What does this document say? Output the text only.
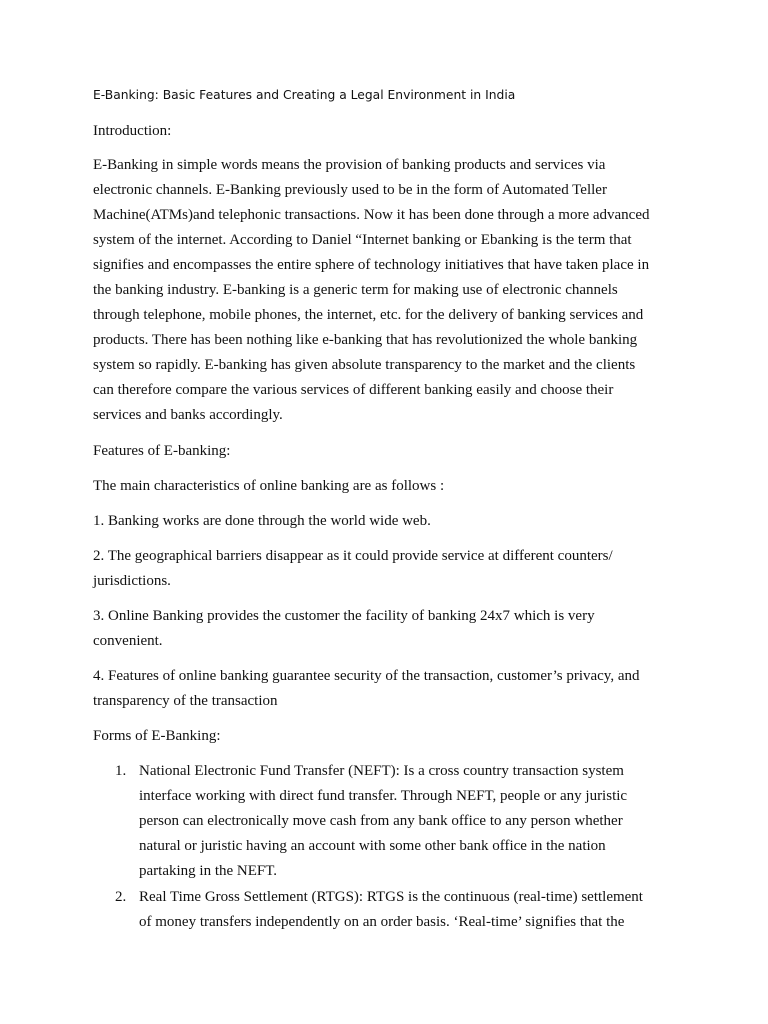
E-Banking: Basic Features and Creating a Legal Environment in India
Introduction:
E-Banking in simple words means the provision of banking products and services via
electronic channels. E-Banking previously used to be in the form of Automated Teller
Machine(ATMs)and telephonic transactions. Now it has been done through a more advanced
system of the internet. According to Daniel “Internet banking or Ebanking is the term that
signifies and encompasses the entire sphere of technology initiatives that have taken place in
the banking industry. E-banking is a generic term for making use of electronic channels
through telephone, mobile phones, the internet, etc. for the delivery of banking services and
products. There has been nothing like e-banking that has revolutionized the whole banking
system so rapidly. E-banking has given absolute transparency to the market and the clients
can therefore compare the various services of different banking easily and choose their
services and banks accordingly.
Features of E-banking:
The main characteristics of online banking are as follows :
1. Banking works are done through the world wide web.
2. The geographical barriers disappear as it could provide service at different counters/
jurisdictions.
3. Online Banking provides the customer the facility of banking 24x7 which is very
convenient.
4. Features of online banking guarantee security of the transaction, customer’s privacy, and
transparency of the transaction
Forms of E-Banking:
1. National Electronic Fund Transfer (NEFT): Is a cross country transaction system
interface working with direct fund transfer. Through NEFT, people or any juristic
person can electronically move cash from any bank office to any person whether
natural or juristic having an account with some other bank office in the nation
partaking in the NEFT.
2. Real Time Gross Settlement (RTGS): RTGS is the continuous (real-time) settlement
of money transfers independently on an order basis. ‘Real-time’ signifies that the
